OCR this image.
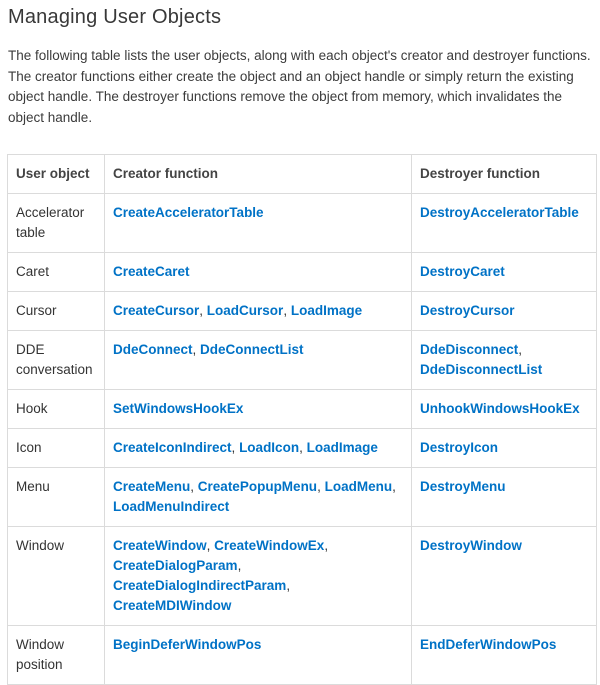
Managing User Objects

The following table lists the user objects, along with each object's creator and destroyer functions. The creator functions either create the object and an object handle or simply return the existing object handle. The destroyer functions remove the object from memory, which invalidates the object handle.

User object	Creator function	Destroyer function
Accelerator table	CreateAcceleratorTable	DestroyAcceleratorTable
Caret	CreateCaret	DestroyCaret
Cursor	CreateCursor, LoadCursor, LoadImage	DestroyCursor
DDE conversation	DdeConnect, DdeConnectList	DdeDisconnect, DdeDisconnectList
Hook	SetWindowsHookEx	UnhookWindowsHookEx
Icon	CreateIconIndirect, LoadIcon, LoadImage	DestroyIcon
Menu	CreateMenu, CreatePopupMenu, LoadMenu, LoadMenuIndirect	DestroyMenu
Window	CreateWindow, CreateWindowEx, CreateDialogParam, CreateDialogIndirectParam, CreateMDIWindow	DestroyWindow
Window position	BeginDeferWindowPos	EndDeferWindowPos
